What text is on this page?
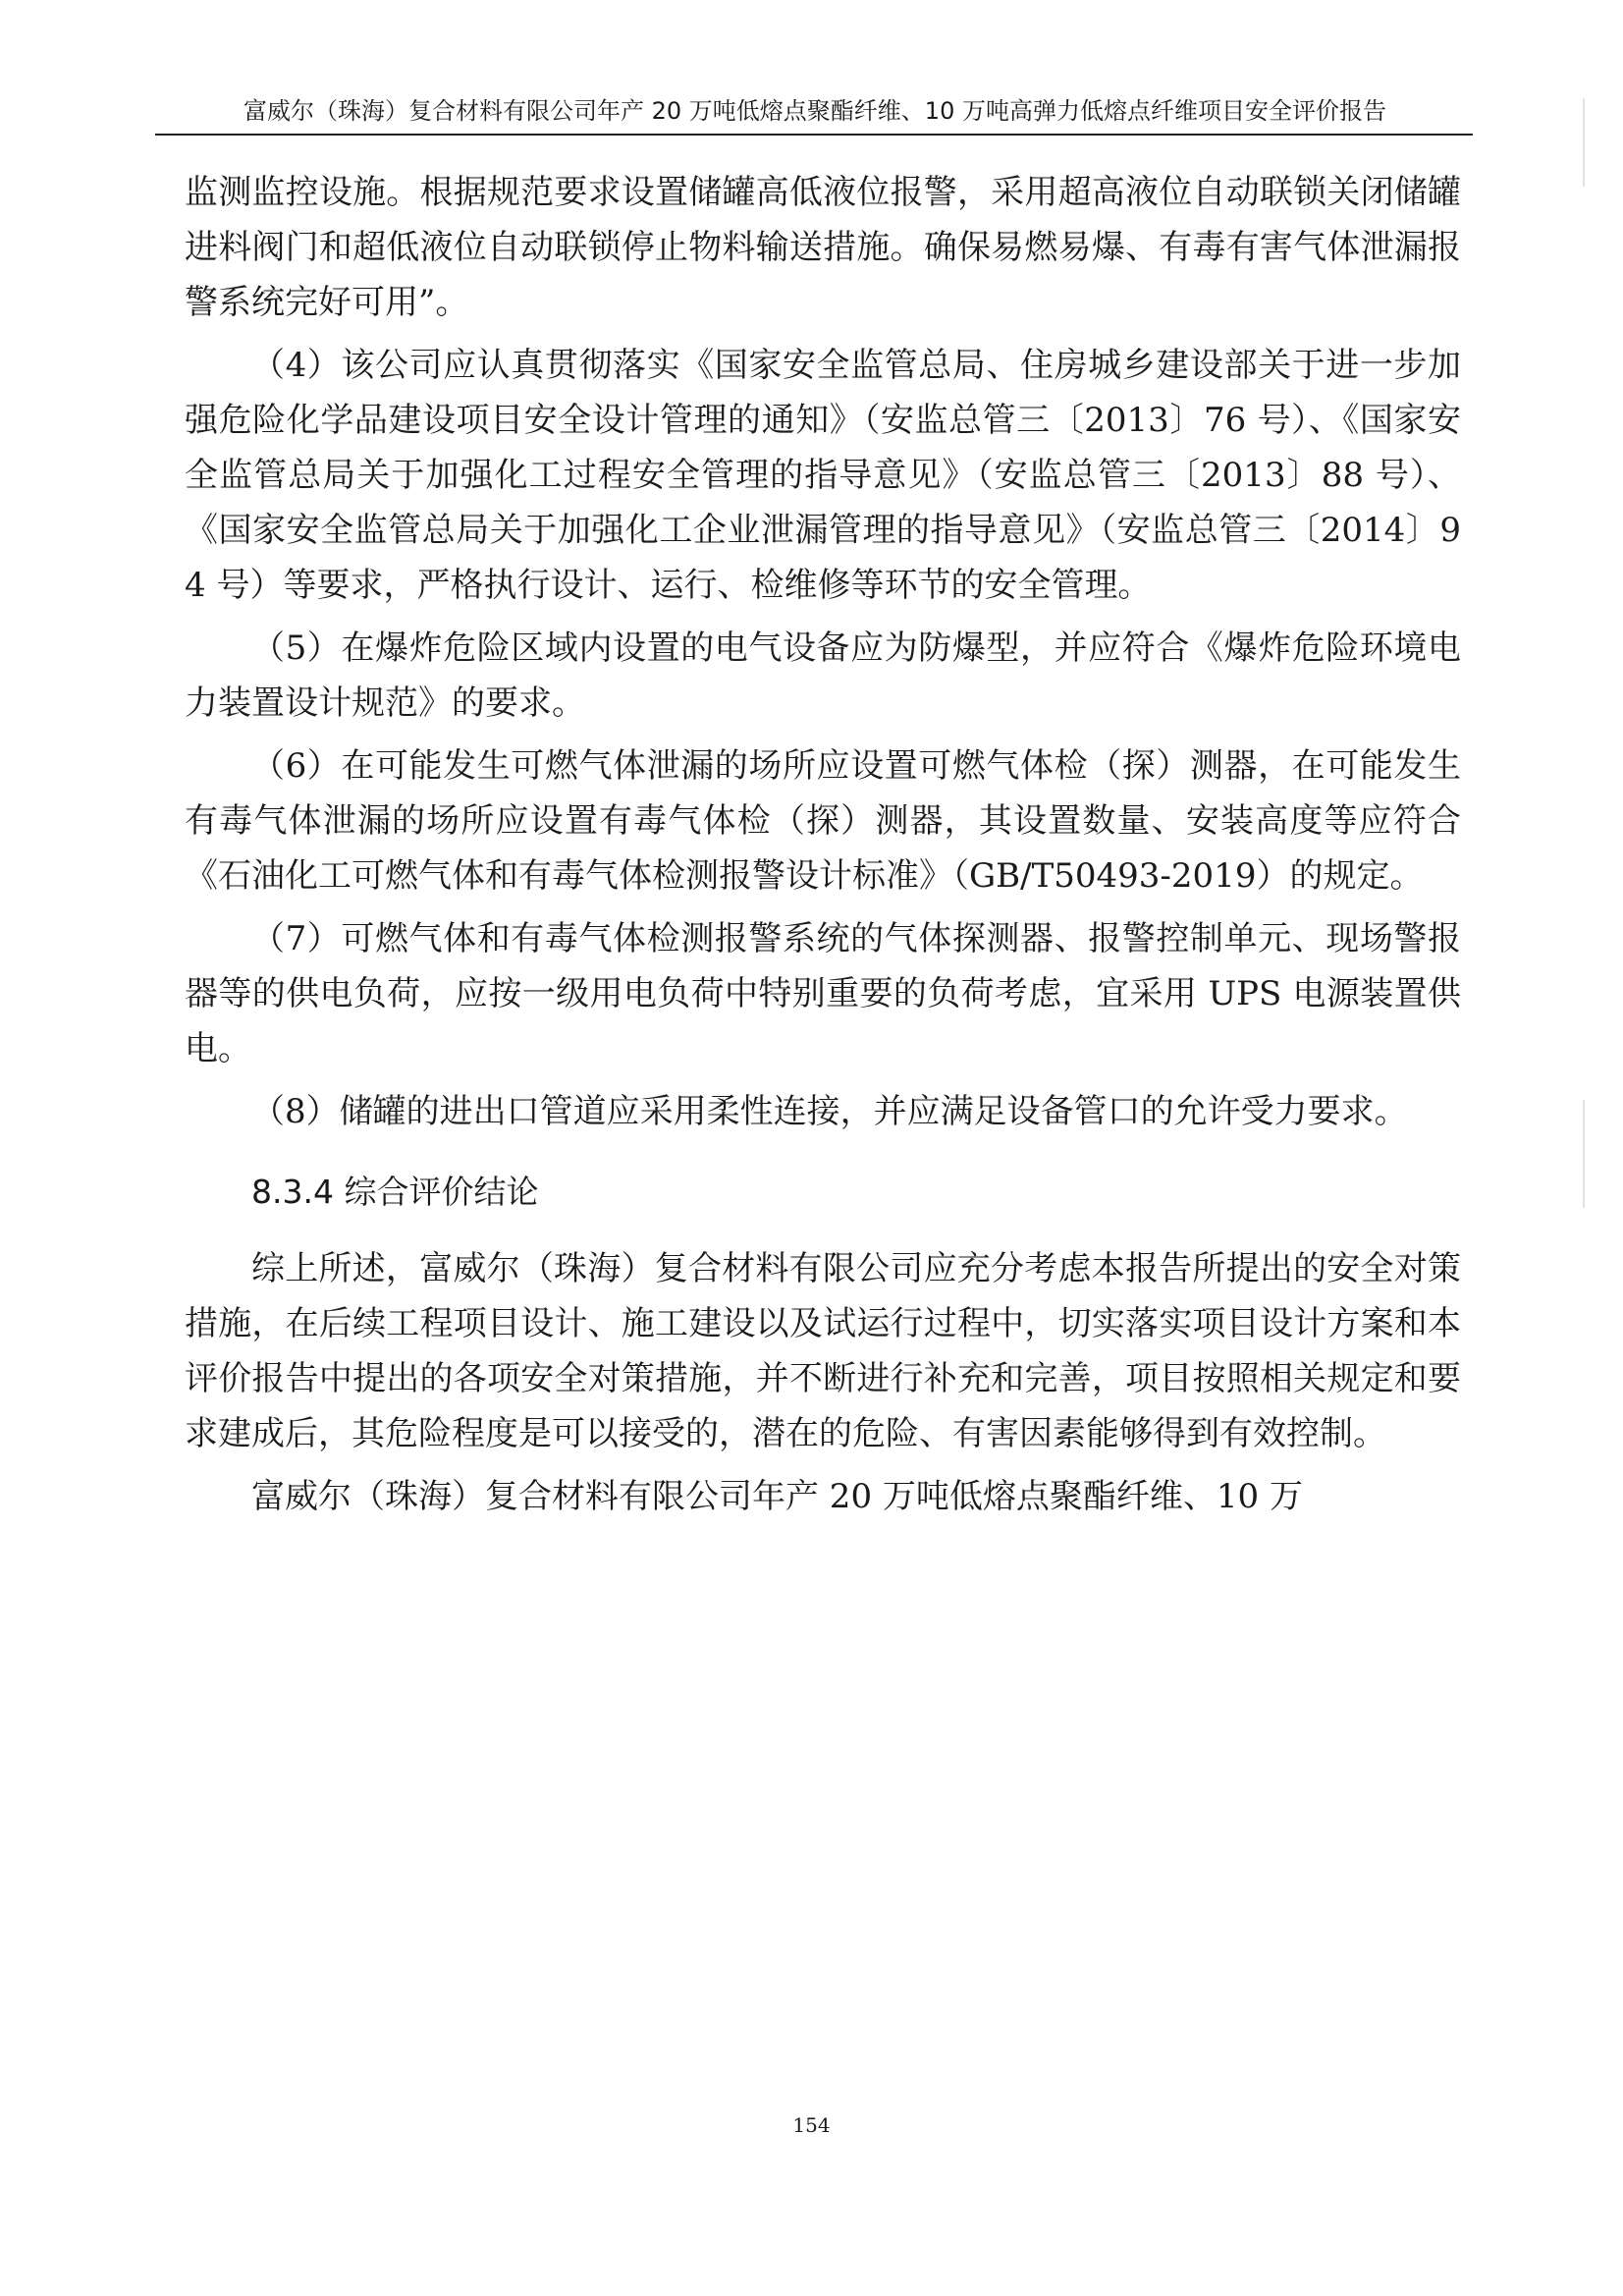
富威尔（珠海）复合材料有限公司年产 20 万吨低熔点聚酯纤维、10 万吨高弹力低熔点纤维项目安全评价报告

监测监控设施。根据规范要求设置储罐高低液位报警，采用超高液位自动联锁关闭储罐进料阀门和超低液位自动联锁停止物料输送措施。确保易燃易爆、有毒有害气体泄漏报警系统完好可用”。

（4）该公司应认真贯彻落实《国家安全监管总局、住房城乡建设部关于进一步加强危险化学品建设项目安全设计管理的通知》（安监总管三〔2013〕76 号）、《国家安全监管总局关于加强化工过程安全管理的指导意见》（安监总管三〔2013〕88 号）、《国家安全监管总局关于加强化工企业泄漏管理的指导意见》（安监总管三〔2014〕94 号）等要求，严格执行设计、运行、检维修等环节的安全管理。

（5）在爆炸危险区域内设置的电气设备应为防爆型，并应符合《爆炸危险环境电力装置设计规范》的要求。

（6）在可能发生可燃气体泄漏的场所应设置可燃气体检（探）测器，在可能发生有毒气体泄漏的场所应设置有毒气体检（探）测器，其设置数量、安装高度等应符合《石油化工可燃气体和有毒气体检测报警设计标准》（GB/T50493-2019）的规定。

（7）可燃气体和有毒气体检测报警系统的气体探测器、报警控制单元、现场警报器等的供电负荷，应按一级用电负荷中特别重要的负荷考虑，宜采用 UPS 电源装置供电。

（8）储罐的进出口管道应采用柔性连接，并应满足设备管口的允许受力要求。

8.3.4 综合评价结论

综上所述，富威尔（珠海）复合材料有限公司应充分考虑本报告所提出的安全对策措施，在后续工程项目设计、施工建设以及试运行过程中，切实落实项目设计方案和本评价报告中提出的各项安全对策措施，并不断进行补充和完善，项目按照相关规定和要求建成后，其危险程度是可以接受的，潜在的危险、有害因素能够得到有效控制。

富威尔（珠海）复合材料有限公司年产 20 万吨低熔点聚酯纤维、10 万

154
